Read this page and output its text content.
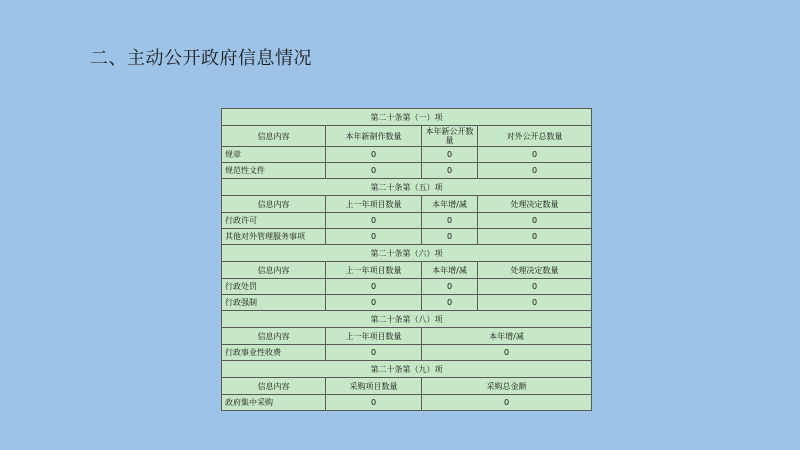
二、主动公开政府信息情况
第二十条第（一）项			
信息内容	本年新制作数量	本年新公开数量	对外公开总数量
规章	0	0	0
规范性文件	0	0	0
第二十条第（五）项			
信息内容	上一年项目数量	本年增/减	处理决定数量
行政许可	0	0	0
其他对外管理服务事项	0	0	0
第二十条第（六）项			
信息内容	上一年项目数量	本年增/减	处理决定数量
行政处罚	0	0	0
行政强制	0	0	0
第二十条第（八）项			
信息内容	上一年项目数量	本年增/减	
行政事业性收费	0	0	
第二十条第（九）项			
信息内容	采购项目数量	采购总金额	
政府集中采购	0	0	
